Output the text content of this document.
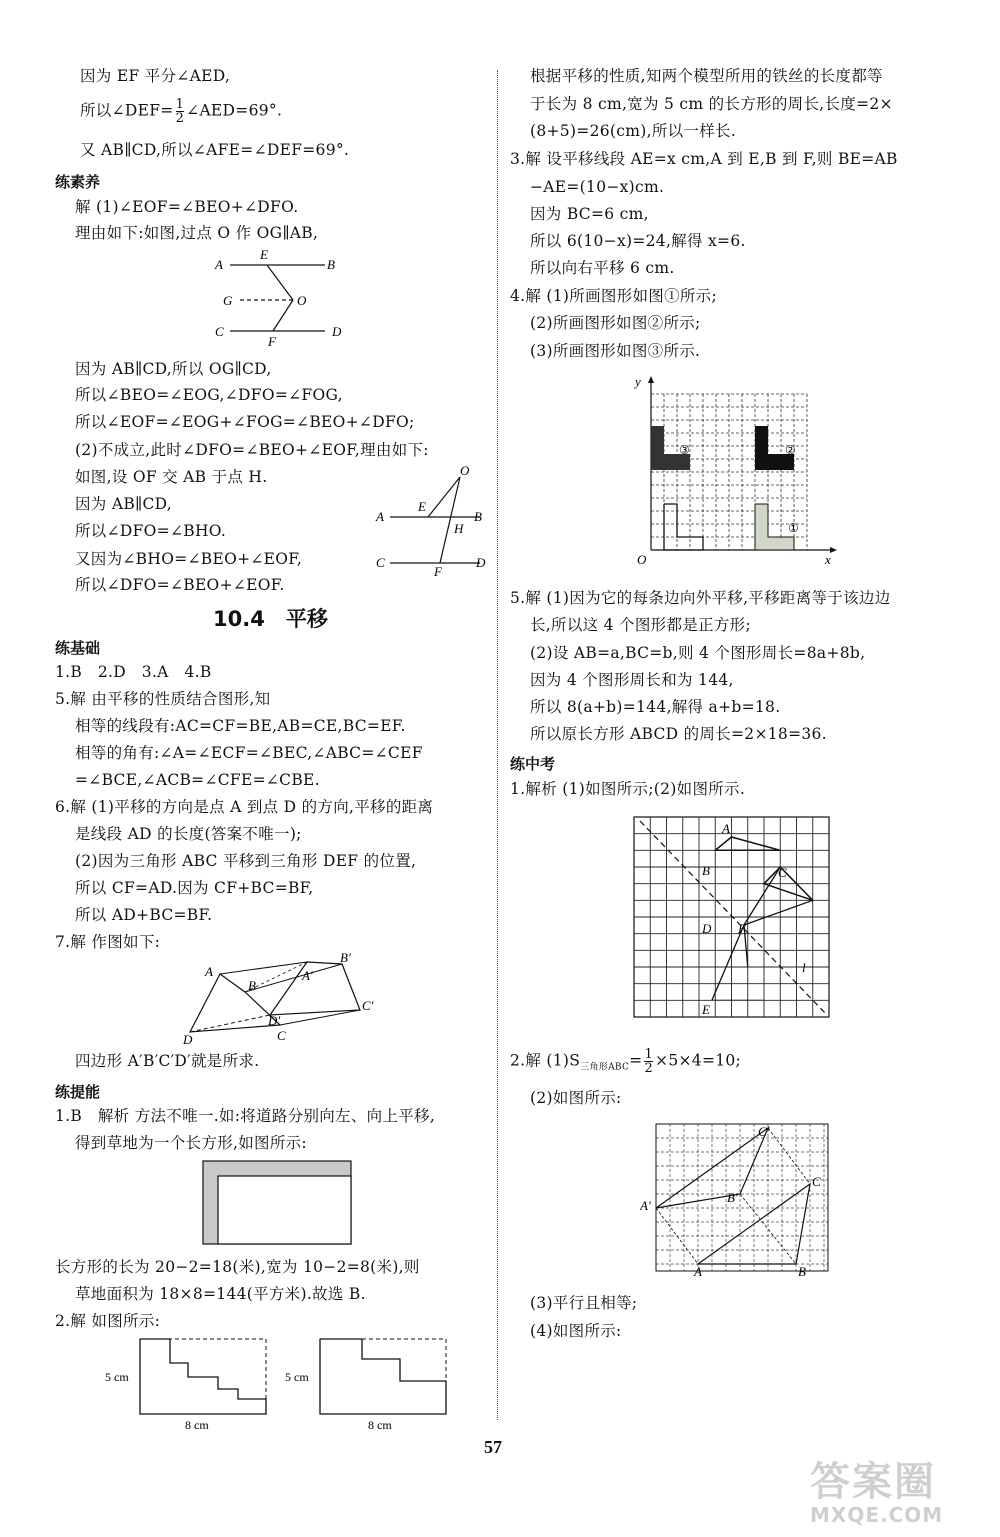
因为 EF 平分∠AED,
所以∠DEF= $\frac{1}{2}$ ∠AED=69°.
又 AB∥CD,所以∠AFE=∠DEF=69°.
练素养
解 (1)∠EOF=∠BEO+∠DFO.
理由如下:如图,过点 O 作 OG∥AB,
A
E
B
G	O
C
F
D
因为 AB∥CD,所以 OG∥CD,
所以∠BEO=∠EOG,∠DFO=∠FOG,
所以∠EOF=∠EOG+∠FOG=∠BEO+∠DFO;
(2)不成立,此时∠DFO=∠BEO+∠EOF,理由如下:
如图,设 OF 交 AB 于点 H.
因为 AB∥CD,
所以∠DFO=∠BHO.
又因为∠BHO=∠BEO+∠EOF,
所以∠DFO=∠BEO+∠EOF.
O
E
A	B
H
C
F
D
10.4　平移
练基础
1.B　2.D　3.A　4.B
5.解 由平移的性质结合图形,知
相等的线段有:AC=CF=BE,AB=CE,BC=EF.
相等的角有:∠A=∠ECF=∠BEC,∠ABC=∠CEF
=∠BCE,∠ACB=∠CFE=∠CBE.
6.解 (1)平移的方向是点 A 到点 D 的方向,平移的距离
是线段 AD 的长度(答案不唯一);
(2)因为三角形 ABC 平移到三角形 DEF 的位置,
所以 CF=AD.因为 CF+BC=BF,
所以 AD+BC=BF.
7.解 作图如下:
A	A′
B′
B
C′
D′
D	C
四边形 A′B′C′D′就是所求.
练提能
1.B　解析 方法不唯一.如:将道路分别向左、向上平移,
得到草地为一个长方形,如图所示:
长方形的长为 20−2=18(米),宽为 10−2=8(米),则
草地面积为 18×8=144(平方米).故选 B.
2.解 如图所示:
5 cm
8 cm
5 cm
8 cm
根据平移的性质,知两个模型所用的铁丝的长度都等
于长为 8 cm,宽为 5 cm 的长方形的周长,长度=2×
(8+5)=26(cm),所以一样长.
3.解 设平移线段 AE=x cm,A 到 E,B 到 F,则 BE=AB
−AE=(10−x)cm.
因为 BC=6 cm,
所以 6(10−x)=24,解得 x=6.
所以向右平移 6 cm.
4.解 (1)所画图形如图①所示;
(2)所画图形如图②所示;
(3)所画图形如图③所示.
y
x
O
③	②
①
5.解 (1)因为它的每条边向外平移,平移距离等于该边边
长,所以这 4 个图形都是正方形;
(2)设 AB=a,BC=b,则 4 个图形周长=8a+8b,
因为 4 个图形周长和为 144,
所以 8(a+b)=144,解得 a+b=18.
所以原长方形 ABCD 的周长=2×18=36.
练中考
1.解析 (1)如图所示;(2)如图所示.
A
B	C
D F
l
E
2.解 $(1)S_{三角形ABC}= \frac{1}{2} \times 5\times 4=10$;
(2)如图所示:
C′
C
A′
B′
A	B
(3)平行且相等;
(4)如图所示:
57
答案圈
MXQE.COM
